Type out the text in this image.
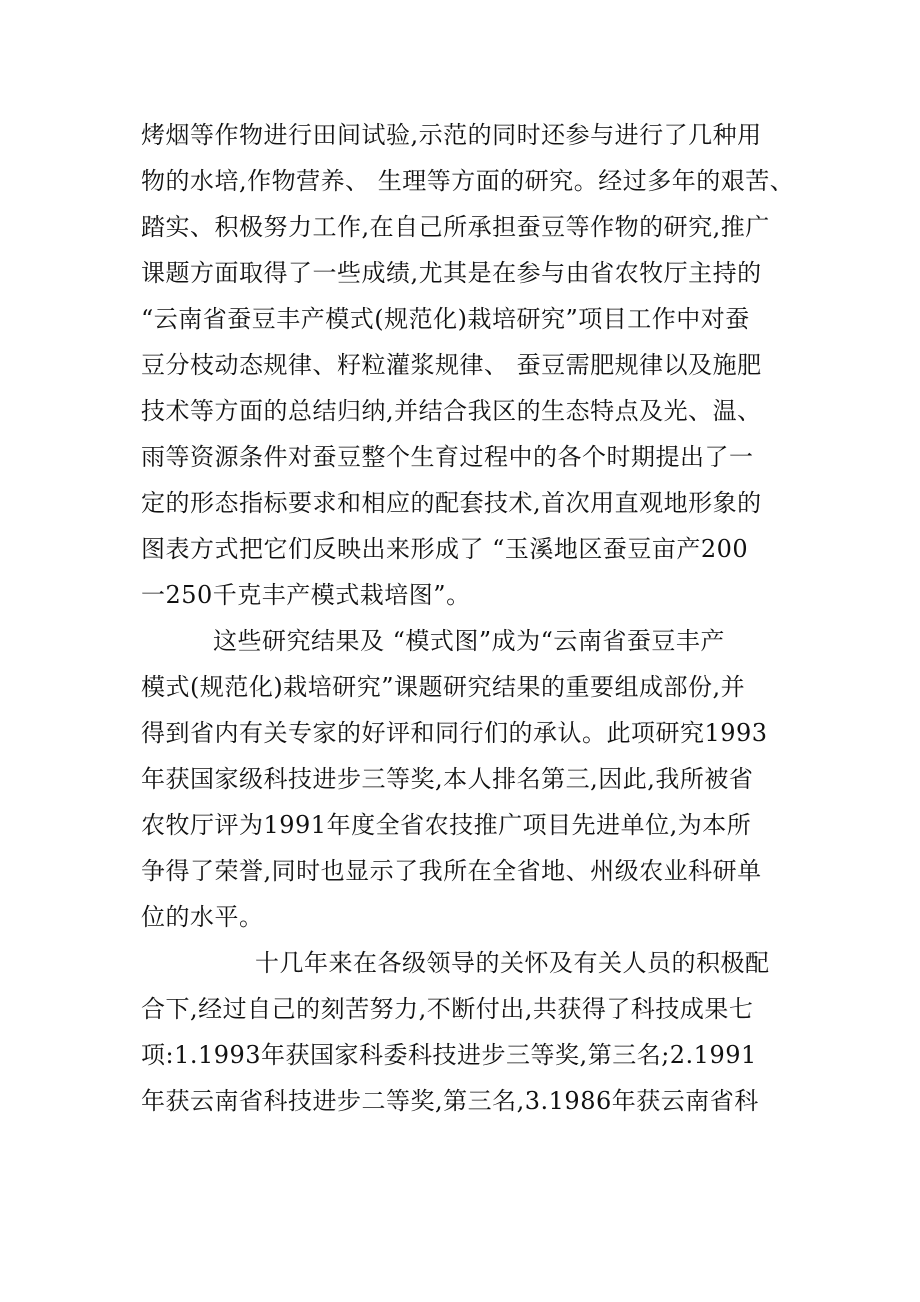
烤烟等作物进行田间试验,示范的同时还参与进行了几种用
物的水培,作物营养、 生理等方面的研究。经过多年的艰苦、
踏实、积极努力工作,在自己所承担蚕豆等作物的研究,推广
课题方面取得了一些成绩,尤其是在参与由省农牧厅主持的
“云南省蚕豆丰产模式(规范化)栽培研究”项目工作中对蚕
豆分枝动态规律、籽粒灌浆规律、 蚕豆需肥规律以及施肥
技术等方面的总结归纳,并结合我区的生态特点及光、温、
雨等资源条件对蚕豆整个生育过程中的各个时期提出了一
定的形态指标要求和相应的配套技术,首次用直观地形象的
图表方式把它们反映出来形成了 “玉溪地区蚕豆亩产200
一250千克丰产模式栽培图”。
这些研究结果及 “模式图”成为“云南省蚕豆丰产
模式(规范化)栽培研究”课题研究结果的重要组成部份,并
得到省内有关专家的好评和同行们的承认。此项研究1993
年获国家级科技进步三等奖,本人排名第三,因此,我所被省
农牧厅评为1991年度全省农技推广项目先进单位,为本所
争得了荣誉,同时也显示了我所在全省地、州级农业科研单
位的水平。
十几年来在各级领导的关怀及有关人员的积极配
合下,经过自己的刻苦努力,不断付出,共获得了科技成果七
项:1.1993年获国家科委科技进步三等奖,第三名;2.1991
年获云南省科技进步二等奖,第三名,3.1986年获云南省科
